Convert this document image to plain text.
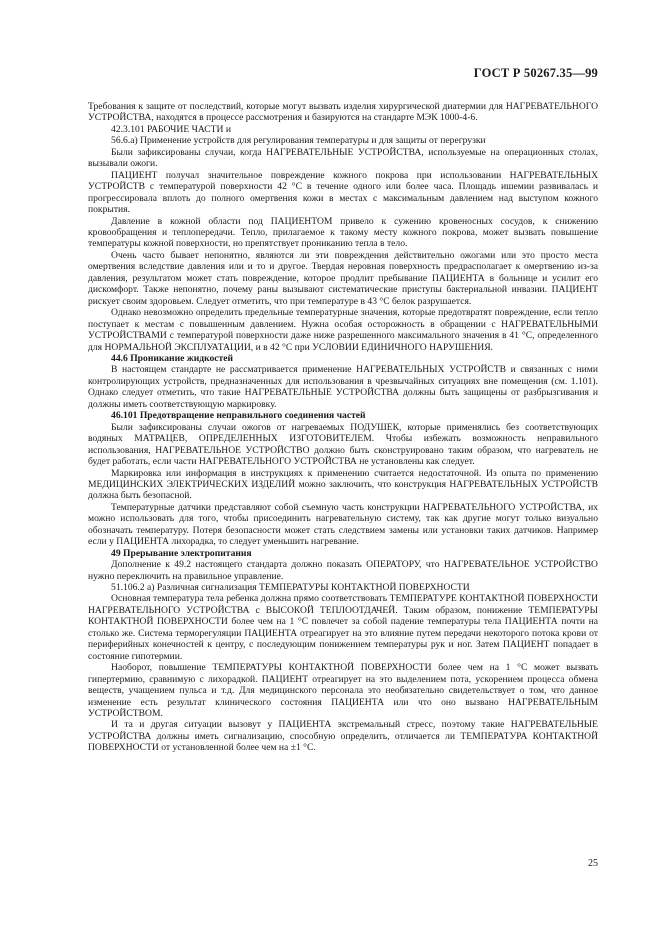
ГОСТ Р 50267.35—99

Требования к защите от последствий, которые могут вызвать изделия хирургической диатермии для НАГРЕВАТЕЛЬНОГО УСТРОЙСТВА, находятся в процессе рассмотрения и базируются на стандарте МЭК 1000-4-6.

42.3.101 РАБОЧИЕ ЧАСТИ и

56.6.а) Применение устройств для регулирования температуры и для защиты от перегрузки

Были зафиксированы случаи, когда НАГРЕВАТЕЛЬНЫЕ УСТРОЙСТВА, используемые на операционных столах, вызывали ожоги.

ПАЦИЕНТ получал значительное повреждение кожного покрова при использовании НАГРЕВАТЕЛЬНЫХ УСТРОЙСТВ с температурой поверхности 42 °С в течение одного или более часа. Площадь ишемии развивалась и прогрессировала вплоть до полного омертвения кожи в местах с максимальным давлением над выступом кожного покрытия.

Давление в кожной области под ПАЦИЕНТОМ привело к сужению кровеносных сосудов, к снижению кровообращения и теплопередачи. Тепло, прилагаемое к такому месту кожного покрова, может вызвать повышение температуры кожной поверхности, но препятствует прониканию тепла в тело.

Очень часто бывает непонятно, являются ли эти повреждения действительно ожогами или это просто места омертвения вследствие давления или и то и другое. Твердая неровная поверхность предрасполагает к омертвению из-за давления, результатом может стать повреждение, которое продлит пребывание ПАЦИЕНТА в больнице и усилит его дискомфорт. Также непонятно, почему раны вызывают систематические приступы бактериальной инвазии. ПАЦИЕНТ рискует своим здоровьем. Следует отметить, что при температуре в 43 °С белок разрушается.

Однако невозможно определить предельные температурные значения, которые предотвратят повреждение, если тепло поступает к местам с повышенным давлением. Нужна особая осторожность в обращении с НАГРЕВАТЕЛЬНЫМИ УСТРОЙСТВАМИ с температурой поверхности даже ниже разрешенного максимального значения в 41 °С, определенного для НОРМАЛЬНОЙ ЭКСПЛУАТАЦИИ, и в 42 °С при УСЛОВИИ ЕДИНИЧНОГО НАРУШЕНИЯ.

44.6 Проникание жидкостей

В настоящем стандарте не рассматривается применение НАГРЕВАТЕЛЬНЫХ УСТРОЙСТВ и связанных с ними контролирующих устройств, предназначенных для использования в чрезвычайных ситуациях вне помещения (см. 1.101). Однако следует отметить, что такие НАГРЕВАТЕЛЬНЫЕ УСТРОЙСТВА должны быть защищены от разбрызгивания и должны иметь соответствующую маркировку.

46.101 Предотвращение неправильного соединения частей

Были зафиксированы случаи ожогов от нагреваемых ПОДУШЕК, которые применялись без соответствующих водяных МАТРАЦЕВ, ОПРЕДЕЛЕННЫХ ИЗГОТОВИТЕЛЕМ. Чтобы избежать возможность неправильного использования, НАГРЕВАТЕЛЬНОЕ УСТРОЙСТВО должно быть сконструировано таким образом, что нагреватель не будет работать, если части НАГРЕВАТЕЛЬНОГО УСТРОЙСТВА не установлены как следует.

Маркировка или информация в инструкциях к применению считается недостаточной. Из опыта по применению МЕДИЦИНСКИХ ЭЛЕКТРИЧЕСКИХ ИЗДЕЛИЙ можно заключить, что конструкция НАГРЕВАТЕЛЬНЫХ УСТРОЙСТВ должна быть безопасной.

Температурные датчики представляют собой съемную часть конструкции НАГРЕВАТЕЛЬНОГО УСТРОЙСТВА, их можно использовать для того, чтобы присоединить нагревательную систему, так как другие могут только визуально обозначать температуру. Потеря безопасности может стать следствием замены или установки таких датчиков. Например если у ПАЦИЕНТА лихорадка, то следует уменьшить нагревание.

49 Прерывание электропитания

Дополнение к 49.2 настоящего стандарта должно показать ОПЕРАТОРУ, что НАГРЕВАТЕЛЬНОЕ УСТРОЙСТВО нужно переключить на правильное управление.

51.106.2 а) Различная сигнализация ТЕМПЕРАТУРЫ КОНТАКТНОЙ ПОВЕРХНОСТИ

Основная температура тела ребенка должна прямо соответствовать ТЕМПЕРАТУРЕ КОНТАКТНОЙ ПОВЕРХНОСТИ НАГРЕВАТЕЛЬНОГО УСТРОЙСТВА с ВЫСОКОЙ ТЕПЛООТДАЧЕЙ. Таким образом, понижение ТЕМПЕРАТУРЫ КОНТАКТНОЙ ПОВЕРХНОСТИ более чем на 1 °С повлечет за собой падение температуры тела ПАЦИЕНТА почти на столько же. Система терморегуляции ПАЦИЕНТА отреагирует на это влияние путем передачи некоторого потока крови от периферийных конечностей к центру, с последующим понижением температуры рук и ног. Затем ПАЦИЕНТ попадает в состояние гипотермии.

Наоборот, повышение ТЕМПЕРАТУРЫ КОНТАКТНОЙ ПОВЕРХНОСТИ более чем на 1 °С может вызвать гипертермию, сравнимую с лихорадкой. ПАЦИЕНТ отреагирует на это выделением пота, ускорением процесса обмена веществ, учащением пульса и т.д. Для медицинского персонала это необязательно свидетельствует о том, что данное изменение есть результат клинического состояния ПАЦИЕНТА или что оно вызвано НАГРЕВАТЕЛЬНЫМ УСТРОЙСТВОМ.

И та и другая ситуации вызовут у ПАЦИЕНТА экстремальный стресс, поэтому такие НАГРЕВАТЕЛЬНЫЕ УСТРОЙСТВА должны иметь сигнализацию, способную определить, отличается ли ТЕМПЕРАТУРА КОНТАКТНОЙ ПОВЕРХНОСТИ от установленной более чем на ±1 °С.

25
